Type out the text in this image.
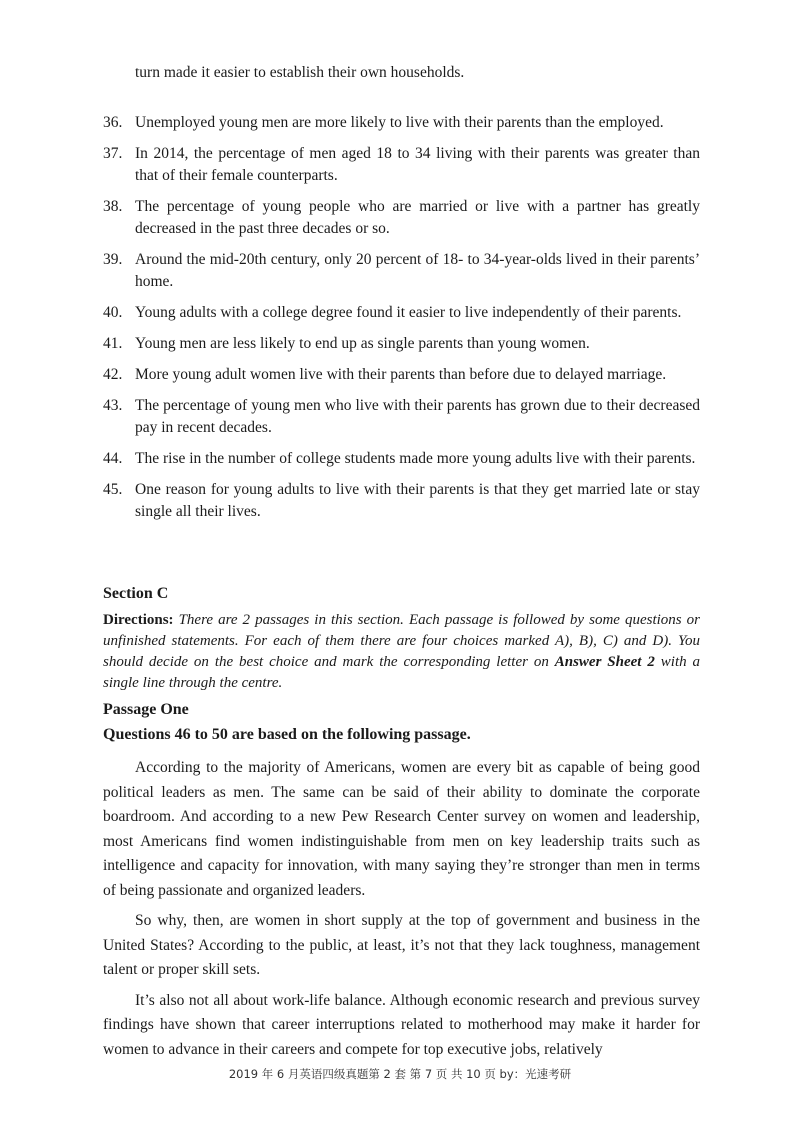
turn made it easier to establish their own households.
36. Unemployed young men are more likely to live with their parents than the employed.
37. In 2014, the percentage of men aged 18 to 34 living with their parents was greater than that of their female counterparts.
38. The percentage of young people who are married or live with a partner has greatly decreased in the past three decades or so.
39. Around the mid-20th century, only 20 percent of 18- to 34-year-olds lived in their parents’ home.
40. Young adults with a college degree found it easier to live independently of their parents.
41. Young men are less likely to end up as single parents than young women.
42. More young adult women live with their parents than before due to delayed marriage.
43. The percentage of young men who live with their parents has grown due to their decreased pay in recent decades.
44. The rise in the number of college students made more young adults live with their parents.
45. One reason for young adults to live with their parents is that they get married late or stay single all their lives.
Section C
Directions: There are 2 passages in this section. Each passage is followed by some questions or unfinished statements. For each of them there are four choices marked A), B), C) and D). You should decide on the best choice and mark the corresponding letter on Answer Sheet 2 with a single line through the centre.
Passage One
Questions 46 to 50 are based on the following passage.

According to the majority of Americans, women are every bit as capable of being good political leaders as men. The same can be said of their ability to dominate the corporate boardroom. And according to a new Pew Research Center survey on women and leadership, most Americans find women indistinguishable from men on key leadership traits such as intelligence and capacity for innovation, with many saying they’re stronger than men in terms of being passionate and organized leaders.

So why, then, are women in short supply at the top of government and business in the United States? According to the public, at least, it’s not that they lack toughness, management talent or proper skill sets.

It’s also not all about work-life balance. Although economic research and previous survey findings have shown that career interruptions related to motherhood may make it harder for women to advance in their careers and compete for top executive jobs, relatively

2019 年 6 月英语四级真题第 2 套 第 7 页 共 10 页 by：光速考研
